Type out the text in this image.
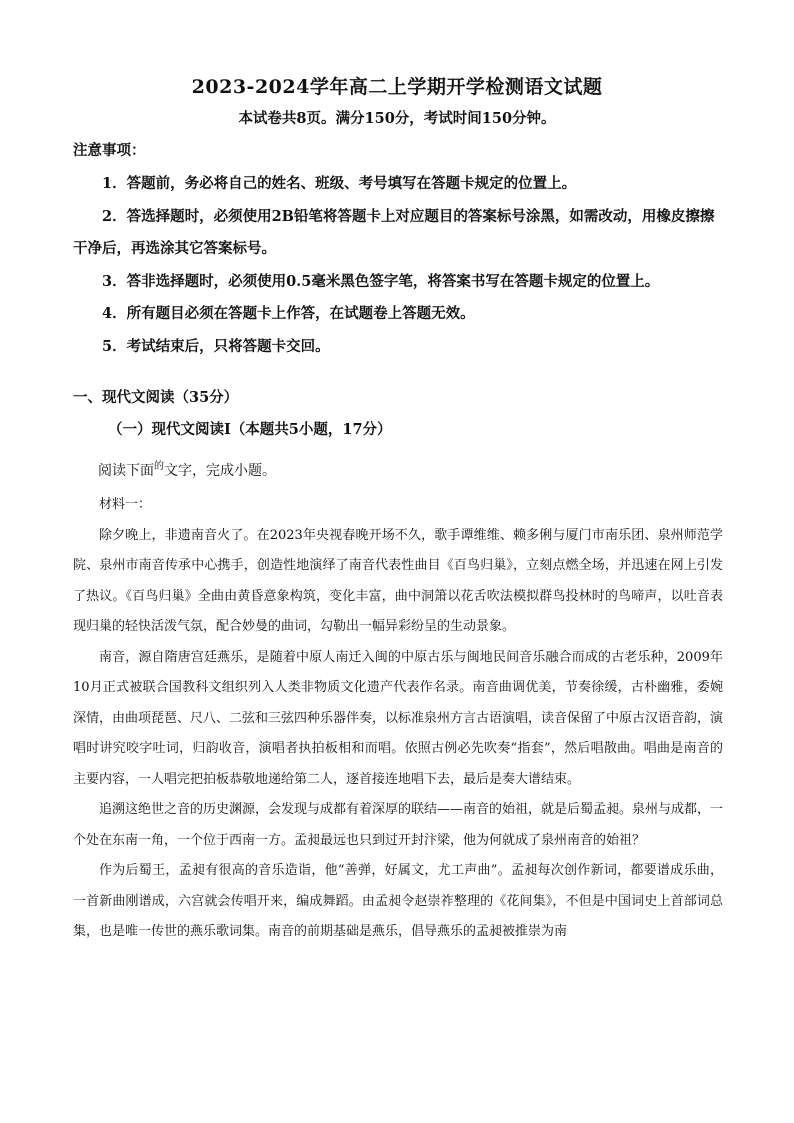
2023-2024学年高二上学期开学检测语文试题
本试卷共8页。满分150分，考试时间150分钟。
注意事项：

1．答题前，务必将自己的姓名、班级、考号填写在答题卡规定的位置上。

2．答选择题时，必须使用2B铅笔将答题卡上对应题目的答案标号涂黑，如需改动，用橡皮擦擦干净后，再选涂其它答案标号。

3．答非选择题时，必须使用0.5毫米黑色签字笔，将答案书写在答题卡规定的位置上。

4．所有题目必须在答题卡上作答，在试题卷上答题无效。

5．考试结束后，只将答题卡交回。

一、现代文阅读（35分）
（一）现代文阅读Ⅰ（本题共5小题，17分）
阅读下面$^的$文字，完成小题。

材料一：

除夕晚上，非遗南音火了。在2023年央视春晚开场不久，歌手谭维维、赖多俐与厦门市南乐团、泉州师范学院、泉州市南音传承中心携手，创造性地演绎了南音代表性曲目《百鸟归巢》，立刻点燃全场，并迅速在网上引发了热议。《百鸟归巢》全曲由黄昏意象构筑，变化丰富，曲中洞箫以花舌吹法模拟群鸟投林时的鸟啼声，以吐音表现归巢的轻快活泼气氛，配合妙曼的曲词，勾勒出一幅异彩纷呈的生动景象。

南音，源自隋唐宫廷燕乐，是随着中原人南迁入闽的中原古乐与闽地民间音乐融合而成的古老乐种，2009年10月正式被联合国教科文组织列入人类非物质文化遗产代表作名录。南音曲调优美，节奏徐缓，古朴幽雅，委婉深情，由曲项琵琶、尺八、二弦和三弦四种乐器伴奏，以标准泉州方言古语演唱，读音保留了中原古汉语音韵，演唱时讲究咬字吐词，归韵收音，演唱者执拍板相和而唱。依照古例必先吹奏“指套”，然后唱散曲。唱曲是南音的主要内容，一人唱完把拍板恭敬地递给第二人，逐首接连地唱下去，最后是奏大谱结束。

追溯这绝世之音的历史渊源，会发现与成都有着深厚的联结——南音的始祖，就是后蜀孟昶。泉州与成都，一个处在东南一角，一个位于西南一方。孟昶最远也只到过开封汴梁，他为何就成了泉州南音的始祖？

作为后蜀王，孟昶有很高的音乐造诣，他“善弹，好属文，尤工声曲”。孟昶每次创作新词，都要谱成乐曲，一首新曲刚谱成，六宫就会传唱开来，编成舞蹈。由孟昶令赵崇祚整理的《花间集》，不但是中国词史上首部词总集，也是唯一传世的燕乐歌词集。南音的前期基础是燕乐，倡导燕乐的孟昶被推崇为南
